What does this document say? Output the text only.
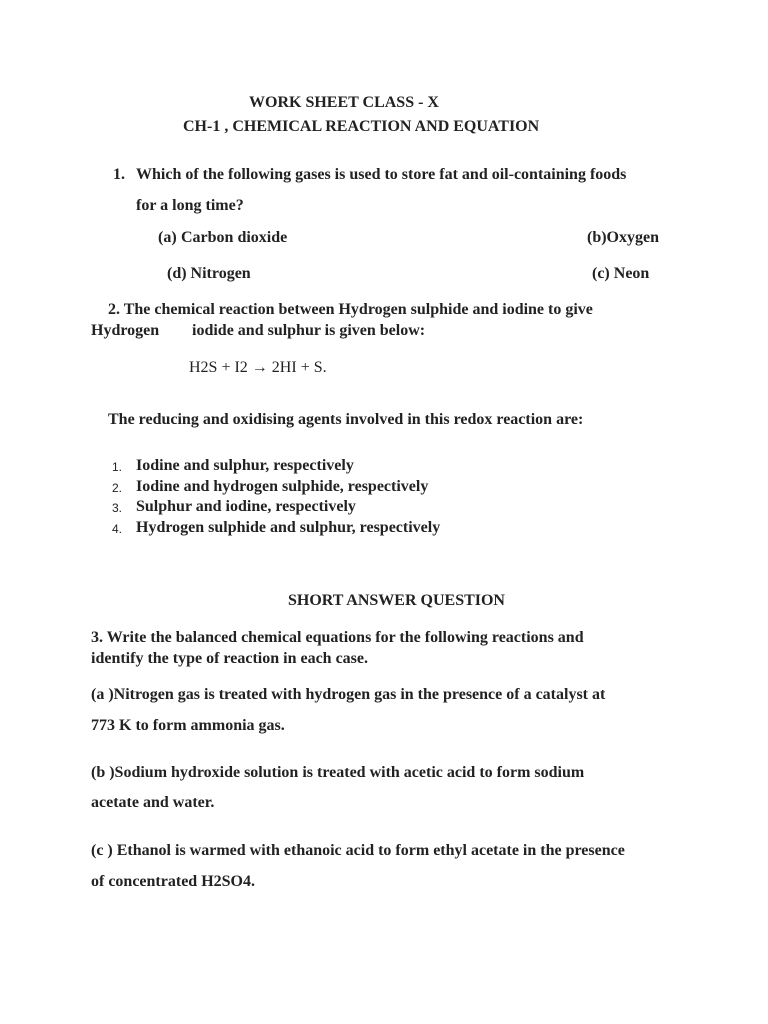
WORK SHEET CLASS - X
CH-1 , CHEMICAL REACTION AND EQUATION
1. Which of the following gases is used to store fat and oil-containing foods
for a long time?
(a) Carbon dioxide	(b)Oxygen
(d) Nitrogen	(c) Neon
2. The chemical reaction between Hydrogen sulphide and iodine to give
Hydrogen iodide and sulphur is given below:
H2S + I2 → 2HI + S.
The reducing and oxidising agents involved in this redox reaction are:
1. Iodine and sulphur, respectively
2. Iodine and hydrogen sulphide, respectively
3. Sulphur and iodine, respectively
4. Hydrogen sulphide and sulphur, respectively
SHORT ANSWER QUESTION
3. Write the balanced chemical equations for the following reactions and
identify the type of reaction in each case.
(a )Nitrogen gas is treated with hydrogen gas in the presence of a catalyst at
773 K to form ammonia gas.
(b )Sodium hydroxide solution is treated with acetic acid to form sodium
acetate and water.
(c ) Ethanol is warmed with ethanoic acid to form ethyl acetate in the presence
of concentrated H2SO4.
